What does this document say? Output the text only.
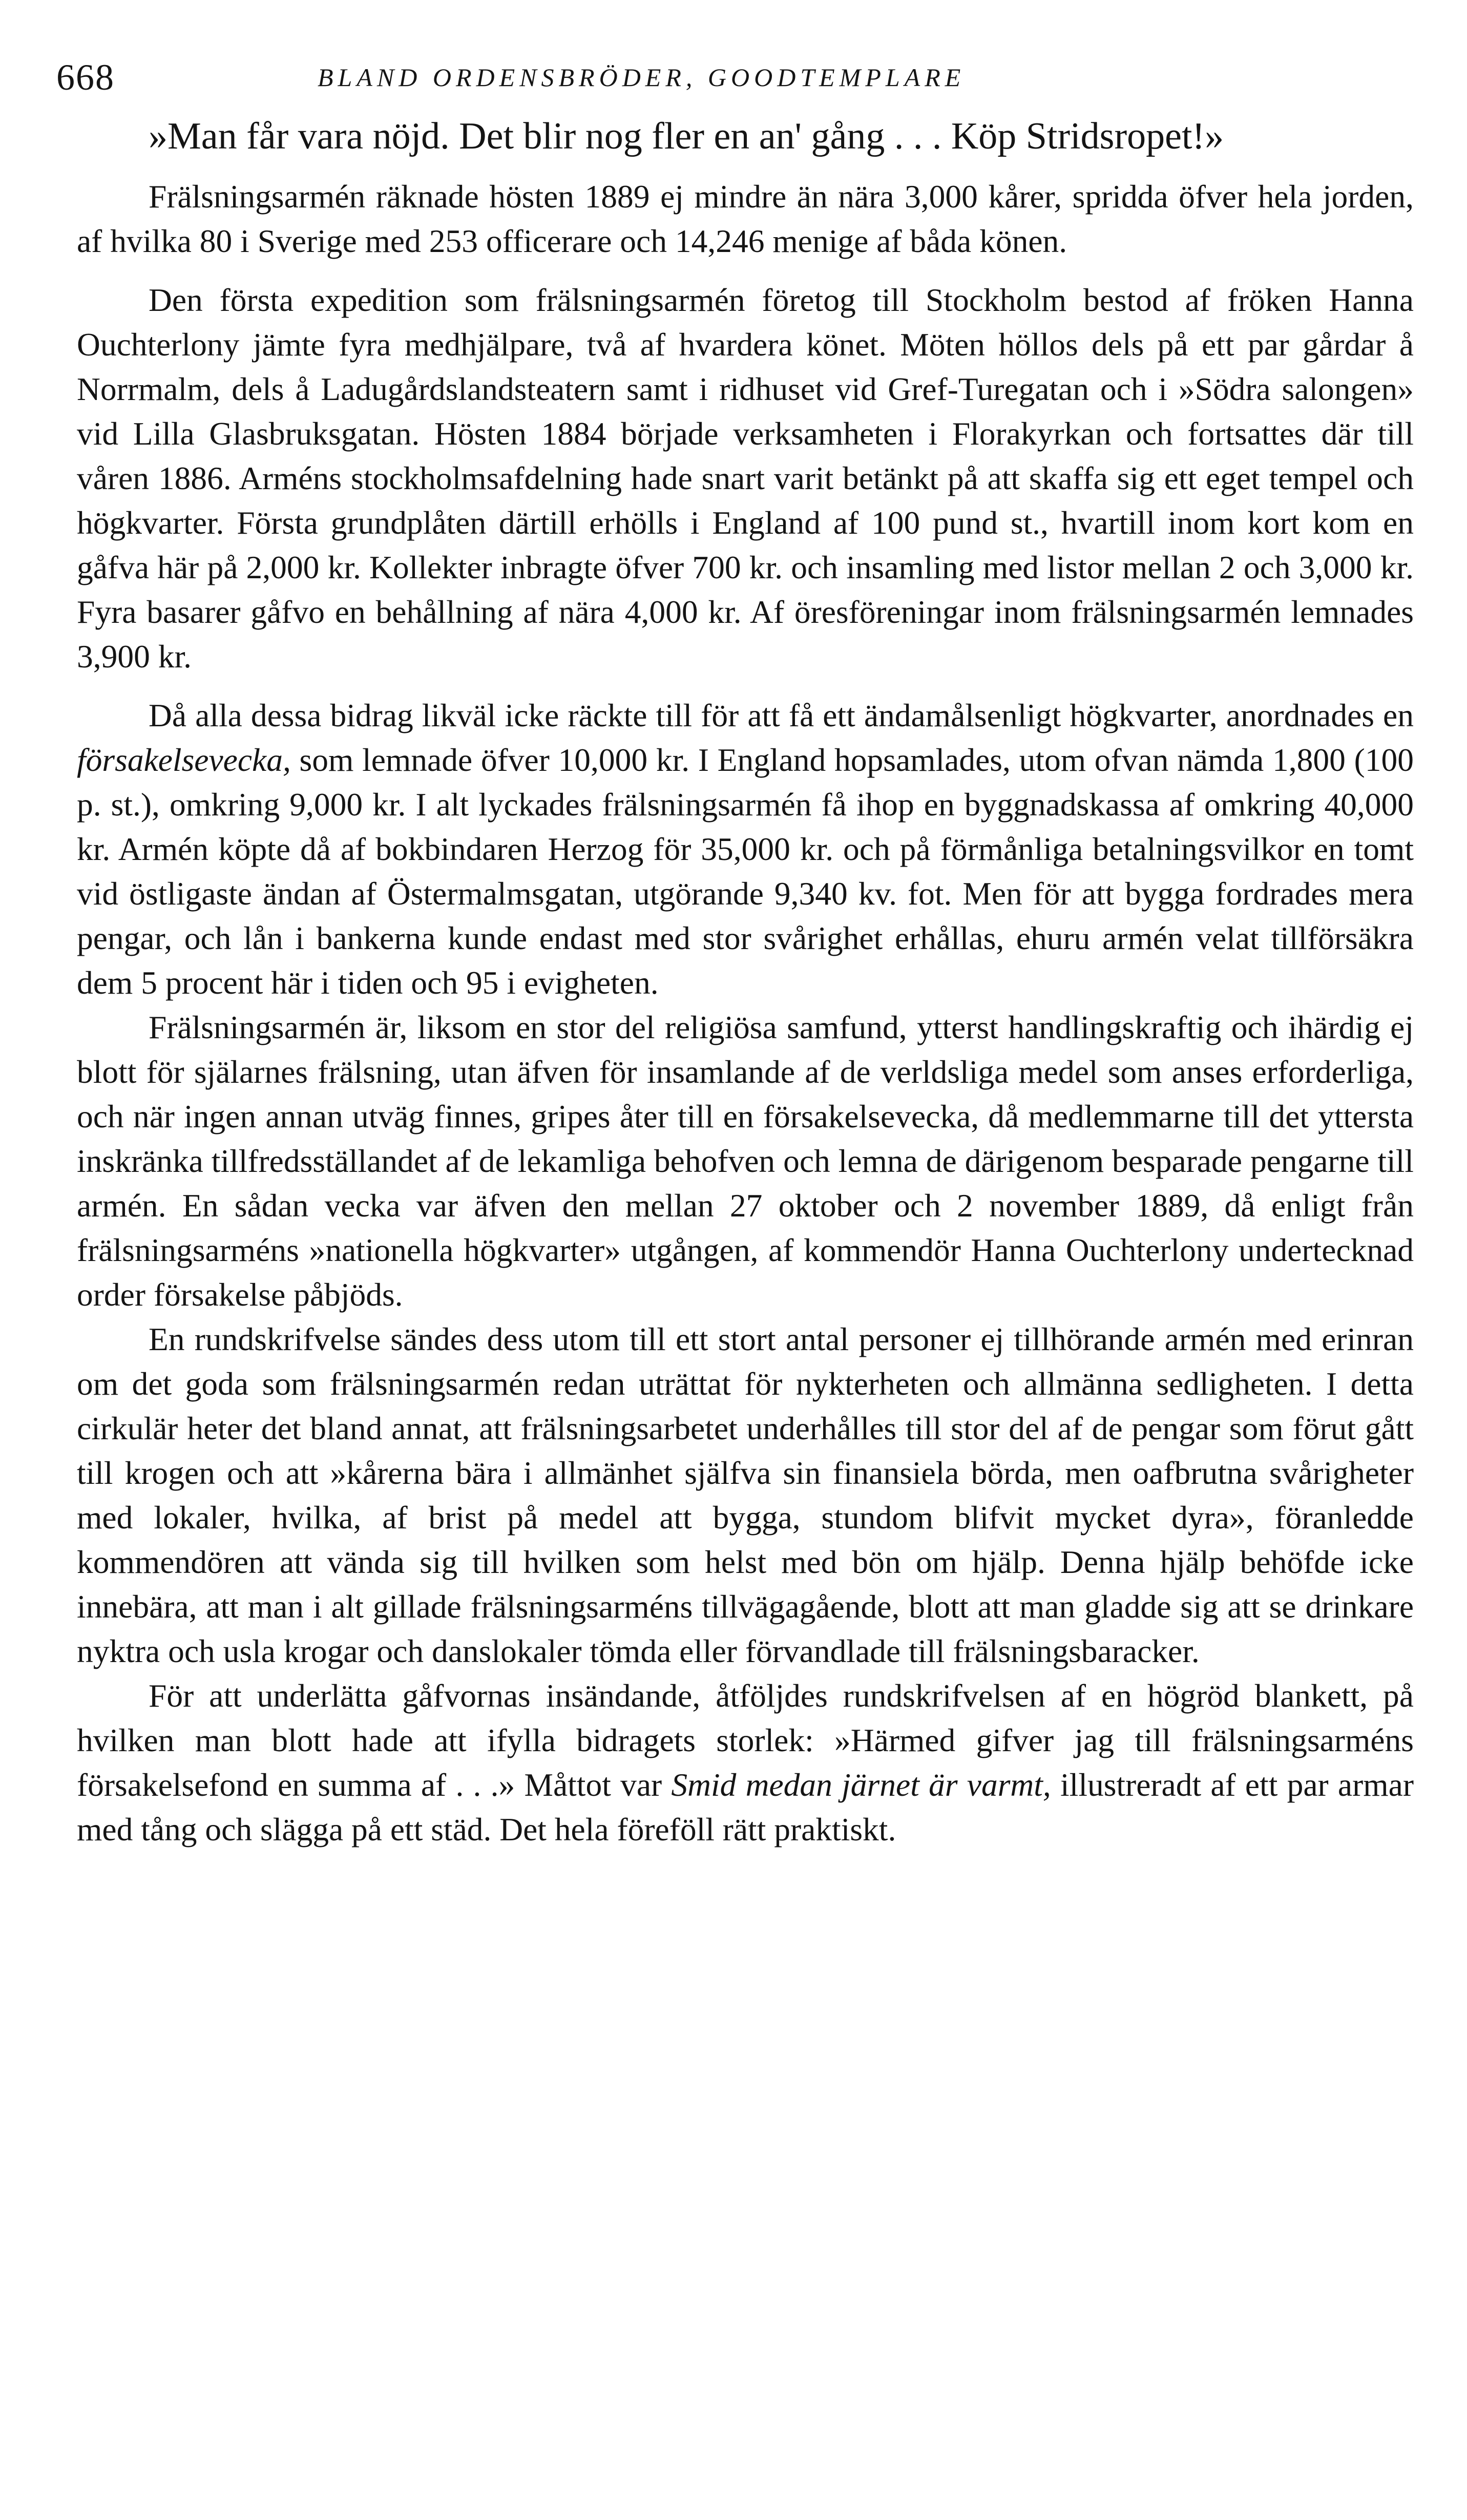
668	BLAND ORDENSBRÖDER, GOODTEMPLARE

»Man får vara nöjd. Det blir nog fler en an' gång . . . Köp Stridsropet!»

Frälsningsarmén räknade hösten 1889 ej mindre än nära 3,000 kårer, spridda öfver hela jorden, af hvilka 80 i Sverige med 253 officerare och 14,246 menige af båda könen.

Den första expedition som frälsningsarmén företog till Stockholm bestod af fröken Hanna Ouchterlony jämte fyra medhjälpare, två af hvardera könet. Möten höllos dels på ett par gårdar å Norrmalm, dels å Ladugårdslandsteatern samt i ridhuset vid Gref-Turegatan och i »Södra salongen» vid Lilla Glasbruksgatan. Hösten 1884 började verksamheten i Florakyrkan och fortsattes där till våren 1886. Arméns stockholmsafdelning hade snart varit betänkt på att skaffa sig ett eget tempel och högkvarter. Första grundplåten därtill erhölls i England af 100 pund st., hvartill inom kort kom en gåfva här på 2,000 kr. Kollekter inbragte öfver 700 kr. och insamling med listor mellan 2 och 3,000 kr. Fyra basarer gåfvo en behållning af nära 4,000 kr. Af öresföreningar inom frälsningsarmén lemnades 3,900 kr.

Då alla dessa bidrag likväl icke räckte till för att få ett ändamålsenligt högkvarter, anordnades en försakelsevecka, som lemnade öfver 10,000 kr. I England hopsamlades, utom ofvan nämda 1,800 (100 p. st.), omkring 9,000 kr. I alt lyckades frälsningsarmén få ihop en byggnadskassa af omkring 40,000 kr. Armén köpte då af bokbindaren Herzog för 35,000 kr. och på förmånliga betalningsvilkor en tomt vid östligaste ändan af Östermalmsgatan, utgörande 9,340 kv. fot. Men för att bygga fordrades mera pengar, och lån i bankerna kunde endast med stor svårighet erhållas, ehuru armén velat tillförsäkra dem 5 procent här i tiden och 95 i evigheten.

Frälsningsarmén är, liksom en stor del religiösa samfund, ytterst handlingskraftig och ihärdig ej blott för själarnes frälsning, utan äfven för insamlande af de verldsliga medel som anses erforderliga, och när ingen annan utväg finnes, gripes åter till en försakelsevecka, då medlemmarne till det yttersta inskränka tillfredsställandet af de lekamliga behofven och lemna de därigenom besparade pengarne till armén. En sådan vecka var äfven den mellan 27 oktober och 2 november 1889, då enligt från frälsningsarméns »nationella högkvarter» utgången, af kommendör Hanna Ouchterlony undertecknad order försakelse påbjöds.

En rundskrifvelse sändes dess utom till ett stort antal personer ej tillhörande armén med erinran om det goda som frälsningsarmén redan uträttat för nykterheten och allmänna sedligheten. I detta cirkulär heter det bland annat, att frälsningsarbetet underhålles till stor del af de pengar som förut gått till krogen och att »kårerna bära i allmänhet själfva sin finansiela börda, men oafbrutna svårigheter med lokaler, hvilka, af brist på medel att bygga, stundom blifvit mycket dyra», föranledde kommendören att vända sig till hvilken som helst med bön om hjälp. Denna hjälp behöfde icke innebära, att man i alt gillade frälsningsarméns tillvägagående, blott att man gladde sig att se drinkare nyktra och usla krogar och danslokaler tömda eller förvandlade till frälsningsbaracker.

För att underlätta gåfvornas insändande, åtföljdes rundskrifvelsen af en högröd blankett, på hvilken man blott hade att ifylla bidragets storlek: »Härmed gifver jag till frälsningsarméns försakelsefond en summa af . . .» Måttot var Smid medan järnet är varmt, illustreradt af ett par armar med tång och slägga på ett städ. Det hela föreföll rätt praktiskt.
